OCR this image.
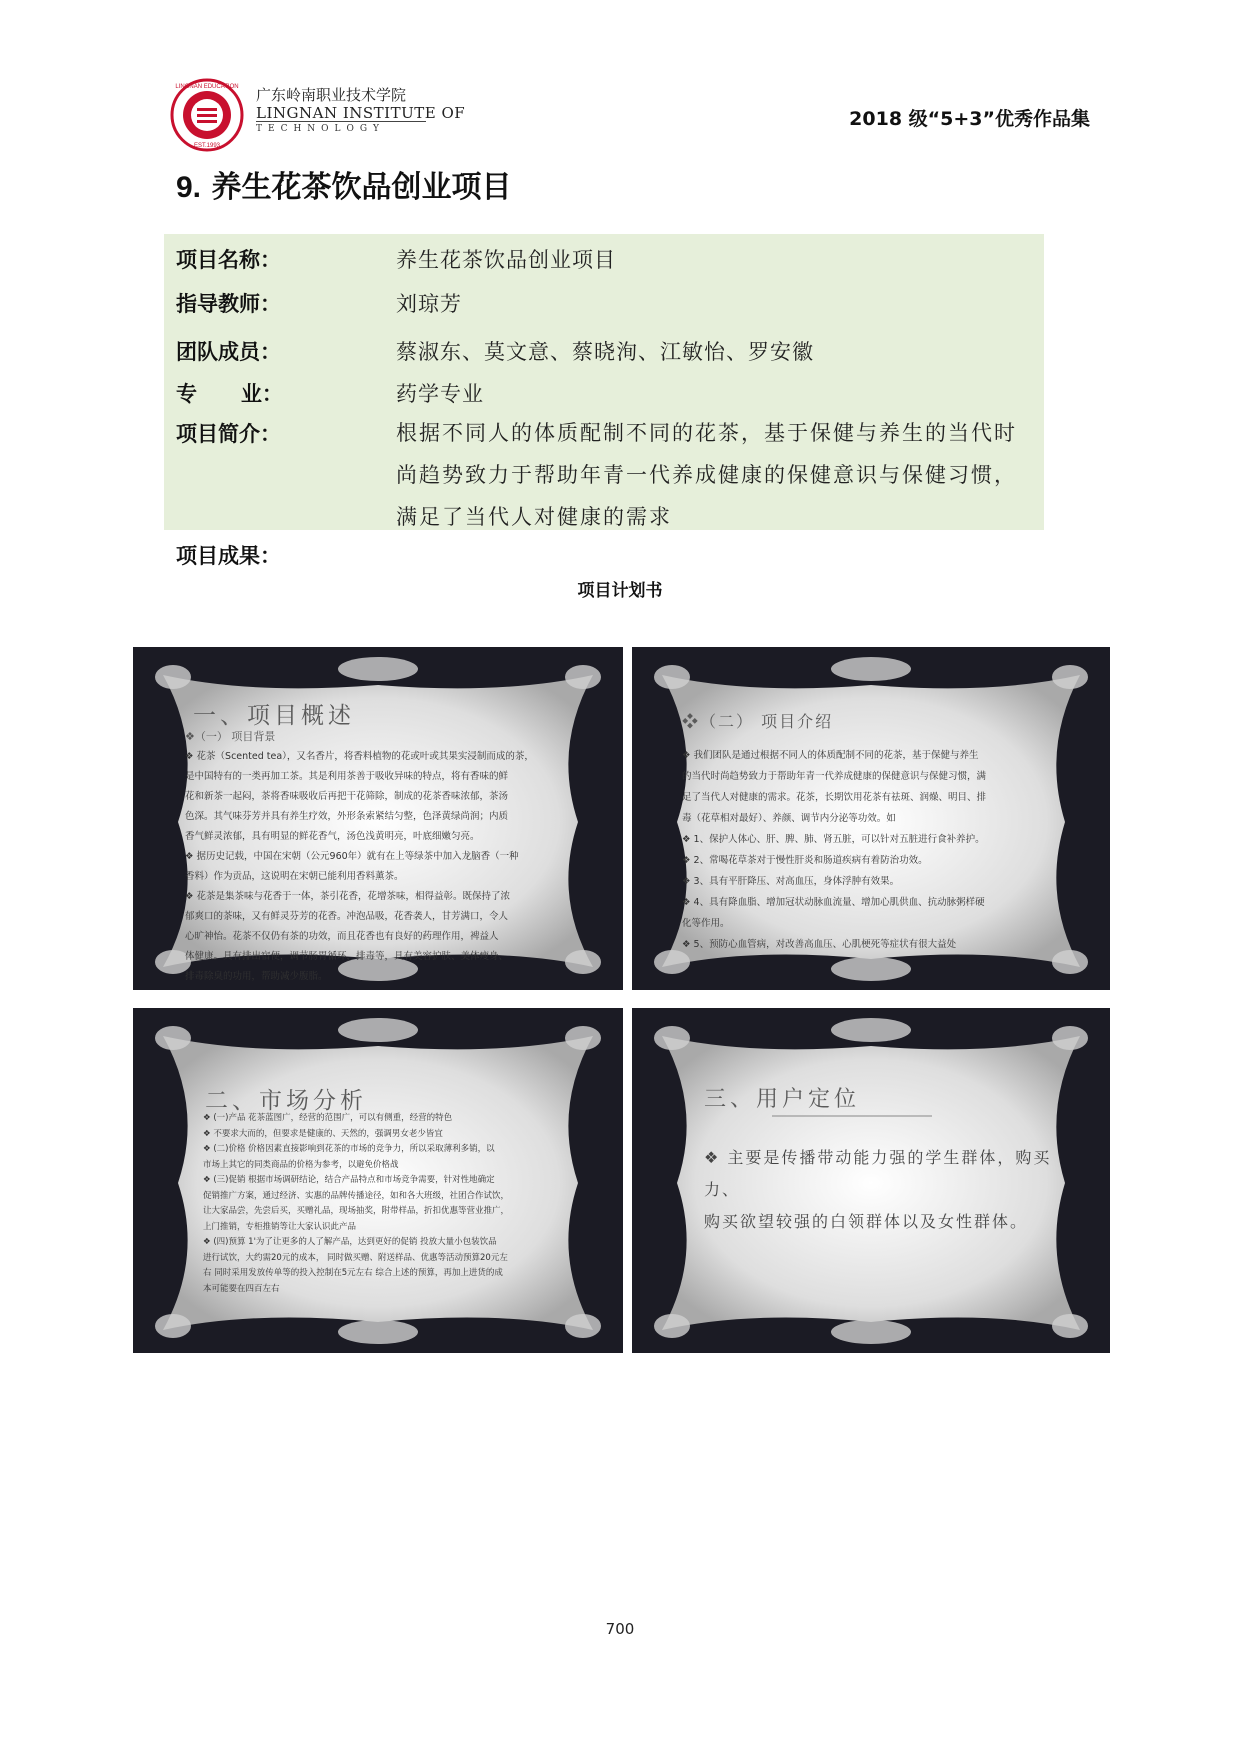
LINGNAN EDUCATION
EST.1993
广东岭南职业技术学院
LINGNAN INSTITUTE OF
TECHNOLOGY	2018 级“5+3”优秀作品集
9. 养生花茶饮品创业项目
项目名称：	养生花茶饮品创业项目
指导教师：	刘琼芳
团队成员：	蔡淑东、莫文意、蔡晓洵、江敏怡、罗安徽
专      业：	药学专业
项目简介：	根据不同人的体质配制不同的花茶，基于保健与养生的当代时尚趋势致力于帮助年青一代养成健康的保健意识与保健习惯，满足了当代人对健康的需求
项目成果：
项目计划书
一、项目概述
❖（一） 项目背景

❖ 花茶（Scented tea），又名香片，将香料植物的花或叶或其果实浸制而成的茶，

是中国特有的一类再加工茶。其是利用茶善于吸收异味的特点，将有香味的鲜

花和新茶一起闷，茶将香味吸收后再把干花筛除，制成的花茶香味浓郁，茶汤

色深。其气味芬芳并具有养生疗效，外形条索紧结匀整，色泽黄绿尚润；内质

香气鲜灵浓郁，具有明显的鲜花香气，汤色浅黄明亮，叶底细嫩匀亮。

❖ 据历史记载，中国在宋朝（公元960年）就有在上等绿茶中加入龙脑香（一种

香料）作为贡品，这说明在宋朝已能利用香料薰茶。

❖ 花茶是集茶味与花香于一体，茶引花香，花增茶味，相得益彰。既保持了浓

郁爽口的茶味，又有鲜灵芬芳的花香。冲泡品吸，花香袭人，甘芳满口，令人

心旷神怡。花茶不仅仍有茶的功效，而且花香也有良好的药理作用，裨益人

体健康。具有排出宿便，调节肠胃循环，排毒等，具有美容护肤、美体瘦身、

排毒除臭的功用，帮助减少腹脂。

❖（二） 项目介绍

❖ 我们团队是通过根据不同人的体质配制不同的花茶，基于保健与养生

的当代时尚趋势致力于帮助年青一代养成健康的保健意识与保健习惯，满

足了当代人对健康的需求。花茶，长期饮用花茶有祛斑、润燥、明目、排

毒（花草相对最好）、养颜、调节内分泌等功效。如

❖ 1、保护人体心、肝、脾、肺、肾五脏，可以针对五脏进行食补养护。

❖ 2、常喝花草茶对于慢性肝炎和肠道疾病有着防治功效。

❖ 3、具有平肝降压、对高血压，身体浮肿有效果。

❖ 4、具有降血脂、增加冠状动脉血流量、增加心肌供血、抗动脉粥样硬

化等作用。

❖ 5、预防心血管病，对改善高血压、心肌梗死等症状有很大益处

二、市场分析

❖ (一)产品 花茶蓝图广，经营的范围广，可以有侧重，经营的特色

❖ 不要求大而的，但要求是健康的、天然的，强调男女老少皆宜

❖ (二)价格 价格因素直接影响到花茶的市场的竞争力，所以采取薄利多销，以

市场上其它的同类商品的价格为参考，以避免价格战

❖ (三)促销 根据市场调研结论，结合产品特点和市场竞争需要，针对性地确定

促销推广方案，通过经济、实惠的品牌传播途径，如和各大班级，社团合作试饮，

让大家品尝，先尝后买，买赠礼品，现场抽奖，附带样品，折扣优惠等营业推广，

上门推销，专柜推销等让大家认识此产品

❖ (四)预算 1'为了让更多的人了解产品，达到更好的促销 投放大量小包装饮品

进行试饮，大约需20元的成本， 同时做买赠、附送样品、优惠等活动预算20元左

右 同时采用发放传单等的投入控制在5元左右 综合上述的预算，再加上进货的成

本可能要在四百左右

三、用户定位
❖ 主要是传播带动能力强的学生群体，购买力、
购买欲望较强的白领群体以及女性群体。
700
